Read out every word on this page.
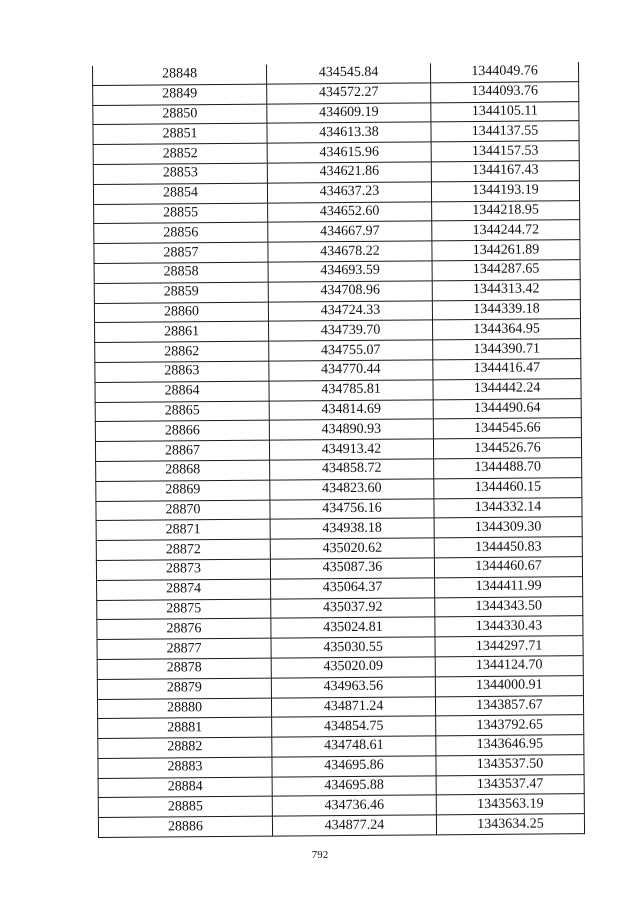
28848	434545.84	1344049.76
28849	434572.27	1344093.76
28850	434609.19	1344105.11
28851	434613.38	1344137.55
28852	434615.96	1344157.53
28853	434621.86	1344167.43
28854	434637.23	1344193.19
28855	434652.60	1344218.95
28856	434667.97	1344244.72
28857	434678.22	1344261.89
28858	434693.59	1344287.65
28859	434708.96	1344313.42
28860	434724.33	1344339.18
28861	434739.70	1344364.95
28862	434755.07	1344390.71
28863	434770.44	1344416.47
28864	434785.81	1344442.24
28865	434814.69	1344490.64
28866	434890.93	1344545.66
28867	434913.42	1344526.76
28868	434858.72	1344488.70
28869	434823.60	1344460.15
28870	434756.16	1344332.14
28871	434938.18	1344309.30
28872	435020.62	1344450.83
28873	435087.36	1344460.67
28874	435064.37	1344411.99
28875	435037.92	1344343.50
28876	435024.81	1344330.43
28877	435030.55	1344297.71
28878	435020.09	1344124.70
28879	434963.56	1344000.91
28880	434871.24	1343857.67
28881	434854.75	1343792.65
28882	434748.61	1343646.95
28883	434695.86	1343537.50
28884	434695.88	1343537.47
28885	434736.46	1343563.19
28886	434877.24	1343634.25
792
